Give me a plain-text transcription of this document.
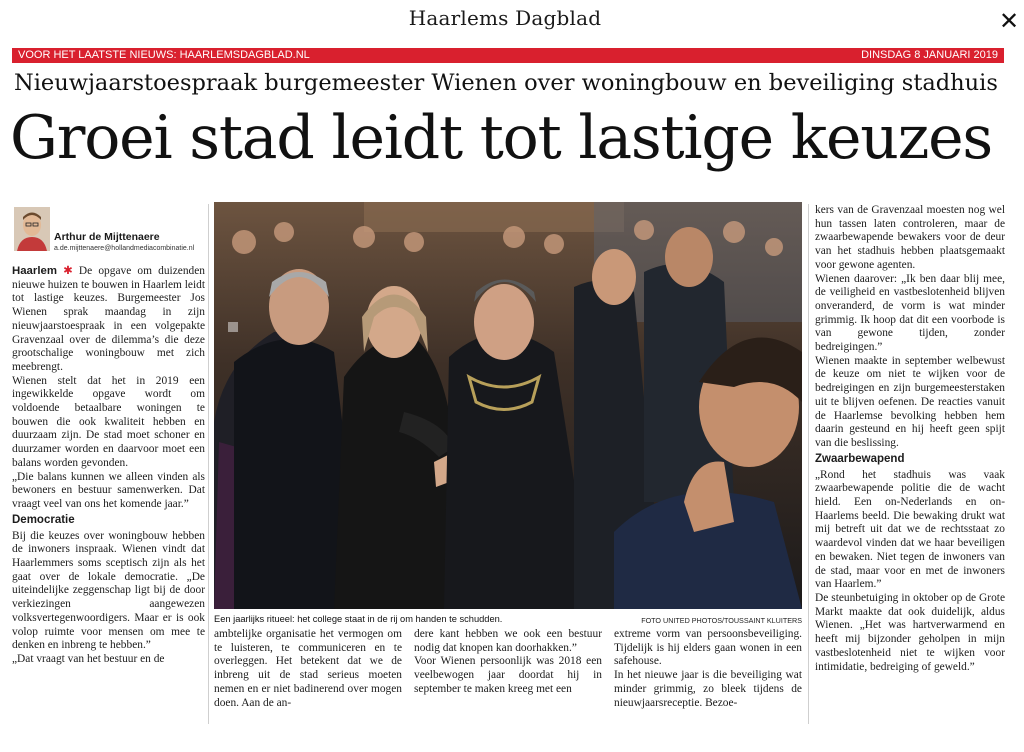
Haarlems Dagblad	✕
VOOR HET LAATSTE NIEUWS: HAARLEMSDAGBLAD.NL	DINSDAG 8 JANUARI 2019
Nieuwjaarstoespraak burgemeester Wienen over woningbouw en beveiliging stadhuis
Groei stad leidt tot lastige keuzes
Arthur de Mijttenaere
a.de.mijttenaere@hollandmediacombinatie.nl

Haarlem ✱ De opgave om duizenden nieuwe huizen te bouwen in Haarlem leidt tot lastige keuzes. Burgemeester Jos Wienen sprak maandag in zijn nieuwjaarstoespraak in een volgepakte Gravenzaal over de dilemma’s die deze grootschalige woningbouw met zich meebrengt.

Wienen stelt dat het in 2019 een ingewikkelde opgave wordt om voldoende betaalbare woningen te bouwen die ook kwaliteit hebben en duurzaam zijn. De stad moet schoner en duurzamer worden en daarvoor moet een balans worden gevonden.

„Die balans kunnen we alleen vinden als bewoners en bestuur samenwerken. Dat vraagt veel van ons het komende jaar.”

Democratie

Bij die keuzes over woningbouw hebben de inwoners inspraak. Wienen vindt dat Haarlemmers soms sceptisch zijn als het gaat over de lokale democratie. „De uiteindelijke zeggenschap ligt bij de door verkiezingen aangewezen volksvertegenwoordigers. Maar er is ook volop ruimte voor mensen om mee te denken en inbreng te hebben.”

„Dat vraagt van het bestuur en de

Een jaarlijks ritueel: het college staat in de rij om handen te schudden.	FOTO UNITED PHOTOS/TOUSSAINT KLUITERS

ambtelijke organisatie het vermogen om te luisteren, te communiceren en te overleggen. Het betekent dat we de inbreng uit de stad serieus moeten nemen en er niet badinerend over mogen doen. Aan de an-

dere kant hebben we ook een bestuur nodig dat knopen kan doorhakken.”

Voor Wienen persoonlijk was 2018 een veelbewogen jaar doordat hij in september te maken kreeg met een

extreme vorm van persoonsbeveiliging. Tijdelijk is hij elders gaan wonen in een safehouse.

In het nieuwe jaar is die beveiliging wat minder grimmig, zo bleek tijdens de nieuwjaarsreceptie. Bezoe-

kers van de Gravenzaal moesten nog wel hun tassen laten controleren, maar de zwaarbewapende bewakers voor de deur van het stadhuis hebben plaatsgemaakt voor gewone agenten.

Wienen daarover: „Ik ben daar blij mee, de veiligheid en vastbeslotenheid blijven onveranderd, de vorm is wat minder grimmig. Ik hoop dat dit een voorbode is van gewone tijden, zonder bedreigingen.”

Wienen maakte in september welbewust de keuze om niet te wijken voor de bedreigingen en zijn burgemeesterstaken uit te blijven oefenen. De reacties vanuit de Haarlemse bevolking hebben hem daarin gesteund en hij heeft geen spijt van die beslissing.

Zwaarbewapend

„Rond het stadhuis was vaak zwaarbewapende politie die de wacht hield. Een on-Nederlands en on-Haarlems beeld. Die bewaking drukt wat mij betreft uit dat we de rechtsstaat zo waardevol vinden dat we haar beveiligen en bewaken. Niet tegen de inwoners van de stad, maar voor en met de inwoners van Haarlem.”

De steunbetuiging in oktober op de Grote Markt maakte dat ook duidelijk, aldus Wienen. „Het was hartverwarmend en heeft mij bijzonder geholpen in mijn vastbeslotenheid niet te wijken voor intimidatie, bedreiging of geweld.”
